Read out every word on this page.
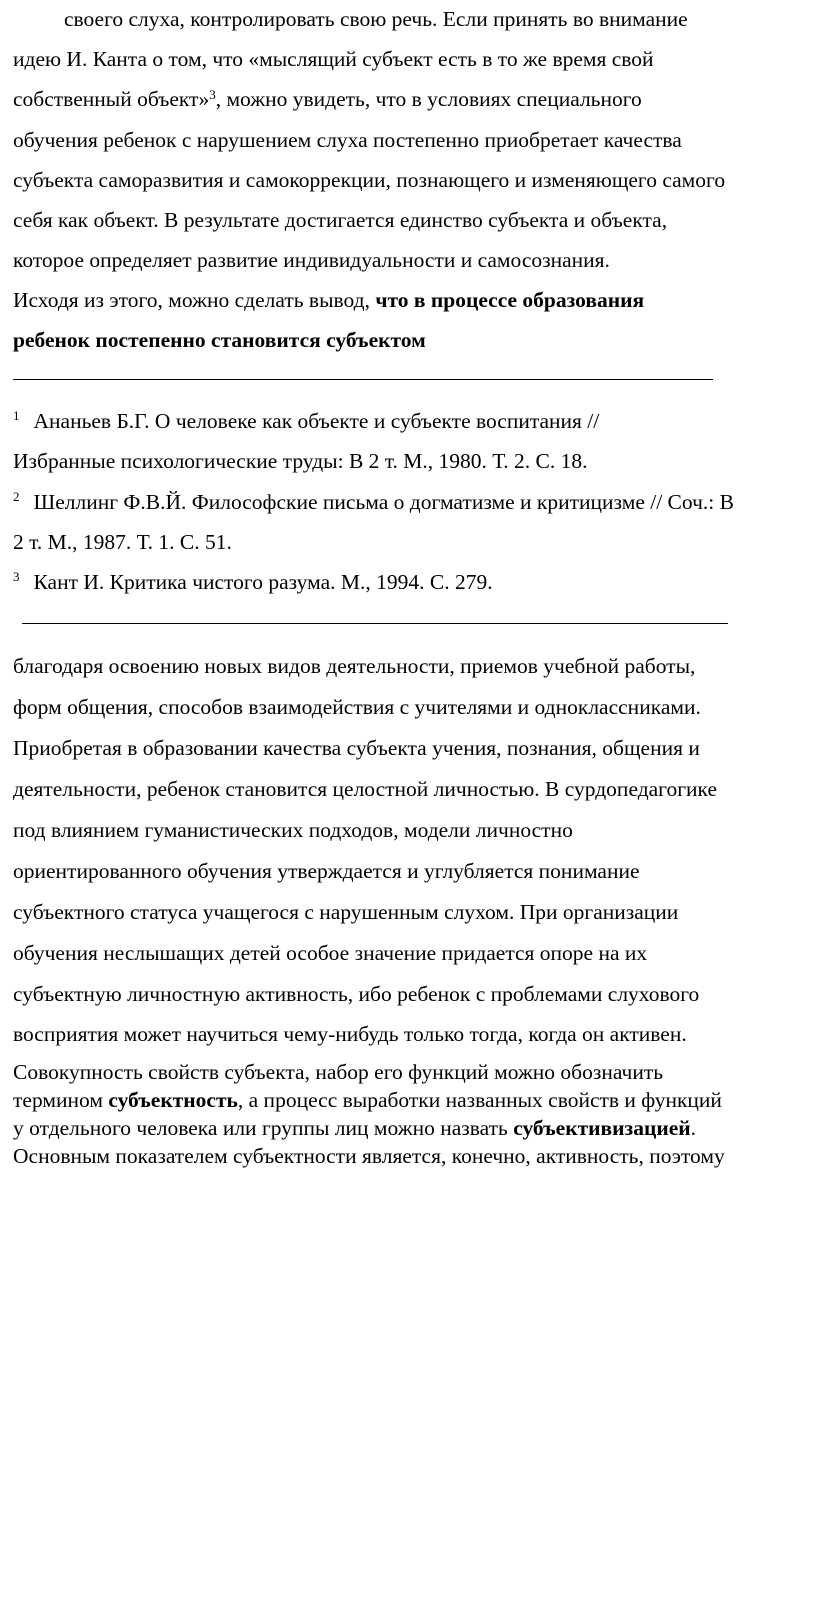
своего слуха, контролировать свою речь. Если принять во внимание
идею И. Канта о том, что «мыслящий субъект есть в то же время свой
собственный объект»$^3$, можно увидеть, что в условиях специального
обучения ребенок с нарушением слуха постепенно приобретает качества
субъекта саморазвития и самокоррекции, познающего и изменяющего самого
себя как объект. В результате достигается единство субъекта и объекта,
которое определяет развитие индивидуальности и самосознания.
Исходя из этого, можно сделать вывод, что в процессе образования
ребенок постепенно становится субъектом
$^1$ Ананьев Б.Г. О человеке как объекте и субъекте воспитания //
Избранные психологические труды: В 2 т. М., 1980. Т. 2. С. 18.
$^2$ Шеллинг Ф.В.Й. Философские письма о догматизме и критицизме // Соч.: В
2 т. М., 1987. Т. 1. С. 51.
$^3$ Кант И. Критика чистого разума. М., 1994. С. 279.
благодаря освоению новых видов деятельности, приемов учебной работы,
форм общения, способов взаимодействия с учителями и одноклассниками.
Приобретая в образовании качества субъекта учения, познания, общения и
деятельности, ребенок становится целостной личностью. В сурдопедагогике
под влиянием гуманистических подходов, модели личностно
ориентированного обучения утверждается и углубляется понимание
субъектного статуса учащегося с нарушенным слухом. При организации
обучения неслышащих детей особое значение придается опоре на их
субъектную личностную активность, ибо ребенок с проблемами слухового
восприятия может научиться чему-нибудь только тогда, когда он активен.
Совокупность свойств субъекта, набор его функций можно обозначить
термином субъектность, а процесс выработки названных свойств и функций
у отдельного человека или группы лиц можно назвать субъективизацией.
Основным показателем субъектности является, конечно, активность, поэтому
